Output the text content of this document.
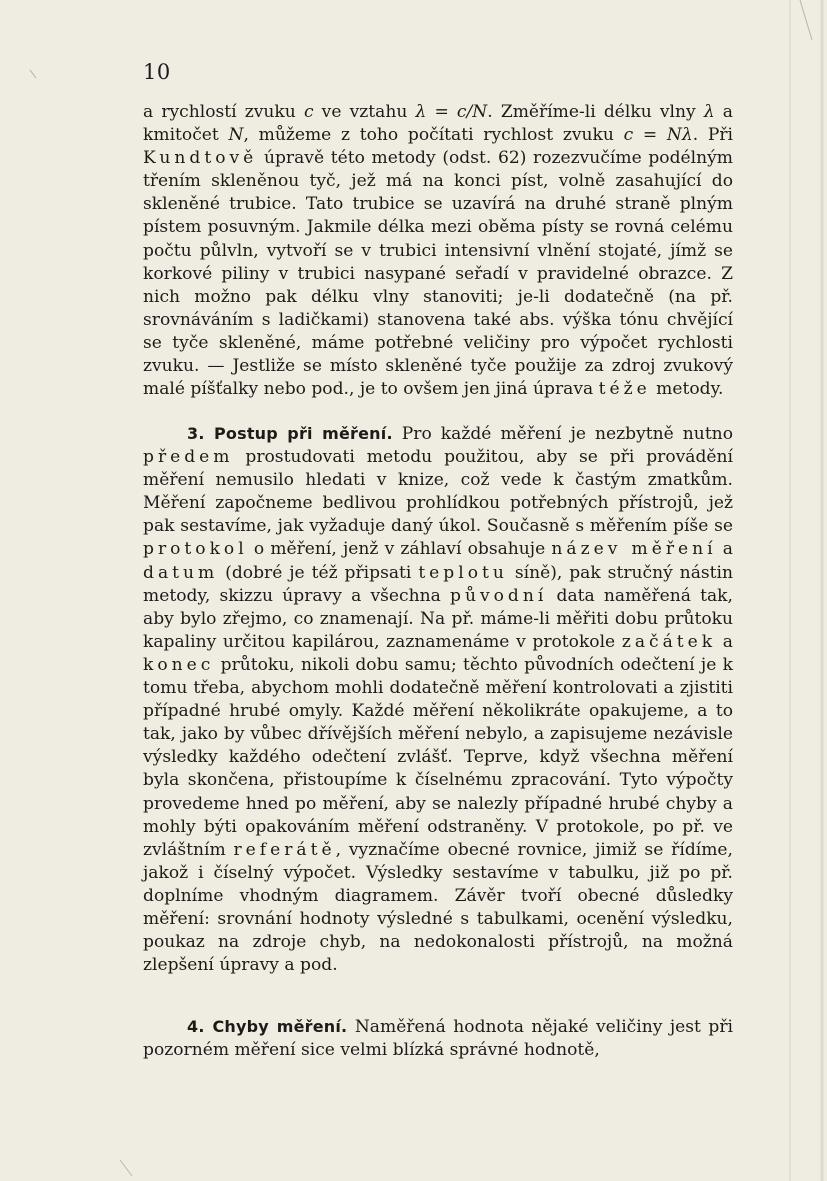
10
a rychlostí zvuku c ve vztahu λ = c/N. Změříme-li délku vlny λ a kmitočet N, můžeme z toho počítati rychlost zvuku c = Nλ. Při Kundtově úpravě této metody (odst. 62) rozezvučíme podélným třením skleněnou tyč, jež má na konci píst, volně zasahující do skleněné trubice. Tato trubice se uzavírá na druhé straně plným pístem posuvným. Jakmile délka mezi oběma písty se rovná celému počtu půlvln, vytvoří se v trubici intensivní vlnění stojaté, jímž se korkové piliny v trubici nasypané seřadí v pravidelné obrazce. Z nich možno pak délku vlny stanoviti; je-li dodatečně (na př. srovnáváním s ladičkami) stanovena také abs. výška tónu chvějící se tyče skleněné, máme potřebné veličiny pro výpočet rychlosti zvuku. — Jestliže se místo skleněné tyče použije za zdroj zvukový malé píšťalky nebo pod., je to ovšem jen jiná úprava téže metody.
3. Postup při měření. Pro každé měření je nezbytně nutno předem prostudovati metodu použitou, aby se při provádění měření nemusilo hledati v knize, což vede k častým zmatkům. Měření započneme bedlivou prohlídkou potřebných přístrojů, jež pak sestavíme, jak vyžaduje daný úkol. Současně s měřením píše se protokol o měření, jenž v záhlaví obsahuje název měření a datum (dobré je též připsati teplotu síně), pak stručný nástin metody, skizzu úpravy a všechna původní data naměřená tak, aby bylo zřejmo, co znamenají. Na př. máme-li měřiti dobu průtoku kapaliny určitou kapilárou, zaznamenáme v protokole začátek a konec průtoku, nikoli dobu samu; těchto původních odečtení je k tomu třeba, abychom mohli dodatečně měření kontrolovati a zjistiti případné hrubé omyly. Každé měření několikráte opakujeme, a to tak, jako by vůbec dřívějších měření nebylo, a zapisujeme nezávisle výsledky každého odečtení zvlášť. Teprve, když všechna měření byla skončena, přistoupíme k číselnému zpracování. Tyto výpočty provedeme hned po měření, aby se nalezly případné hrubé chyby a mohly býti opakováním měření odstraněny. V protokole, po př. ve zvláštním referátě, vyznačíme obecné rovnice, jimiž se řídíme, jakož i číselný výpočet. Výsledky sestavíme v tabulku, již po př. doplníme vhodným diagramem. Závěr tvoří obecné důsledky měření: srovnání hodnoty výsledné s tabulkami, ocenění výsledku, poukaz na zdroje chyb, na nedokonalosti přístrojů, na možná zlepšení úpravy a pod.
4. Chyby měření. Naměřená hodnota nějaké veličiny jest při pozorném měření sice velmi blízká správné hodnotě,
